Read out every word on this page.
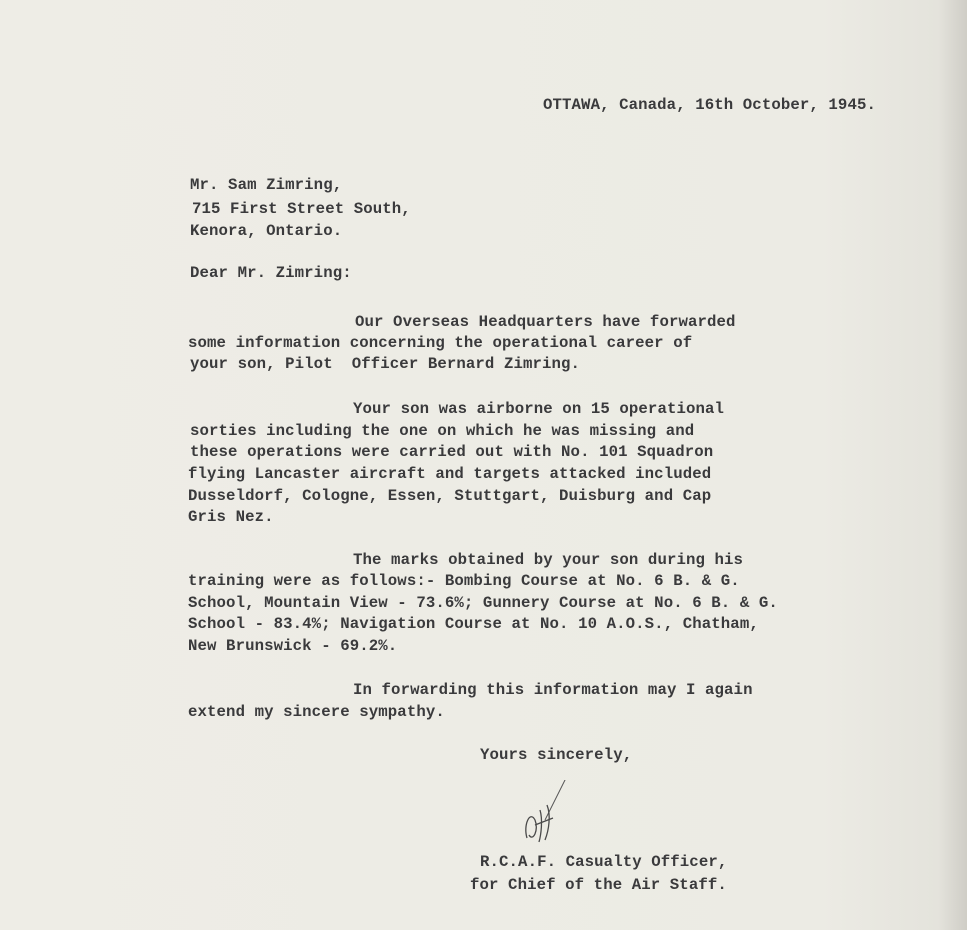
OTTAWA, Canada, 16th October, 1945.
Mr. Sam Zimring,
715 First Street South,
Kenora, Ontario.
Dear Mr. Zimring:
Our Overseas Headquarters have forwarded
some information concerning the operational career of
your son, Pilot  Officer Bernard Zimring.
Your son was airborne on 15 operational
sorties including the one on which he was missing and
these operations were carried out with No. 101 Squadron
flying Lancaster aircraft and targets attacked included
Dusseldorf, Cologne, Essen, Stuttgart, Duisburg and Cap
Gris Nez.
The marks obtained by your son during his
training were as follows:- Bombing Course at No. 6 B. & G.
School, Mountain View - 73.6%; Gunnery Course at No. 6 B. & G.
School - 83.4%; Navigation Course at No. 10 A.O.S., Chatham,
New Brunswick - 69.2%.
In forwarding this information may I again
extend my sincere sympathy.
Yours sincerely,
R.C.A.F. Casualty Officer,
for Chief of the Air Staff.
